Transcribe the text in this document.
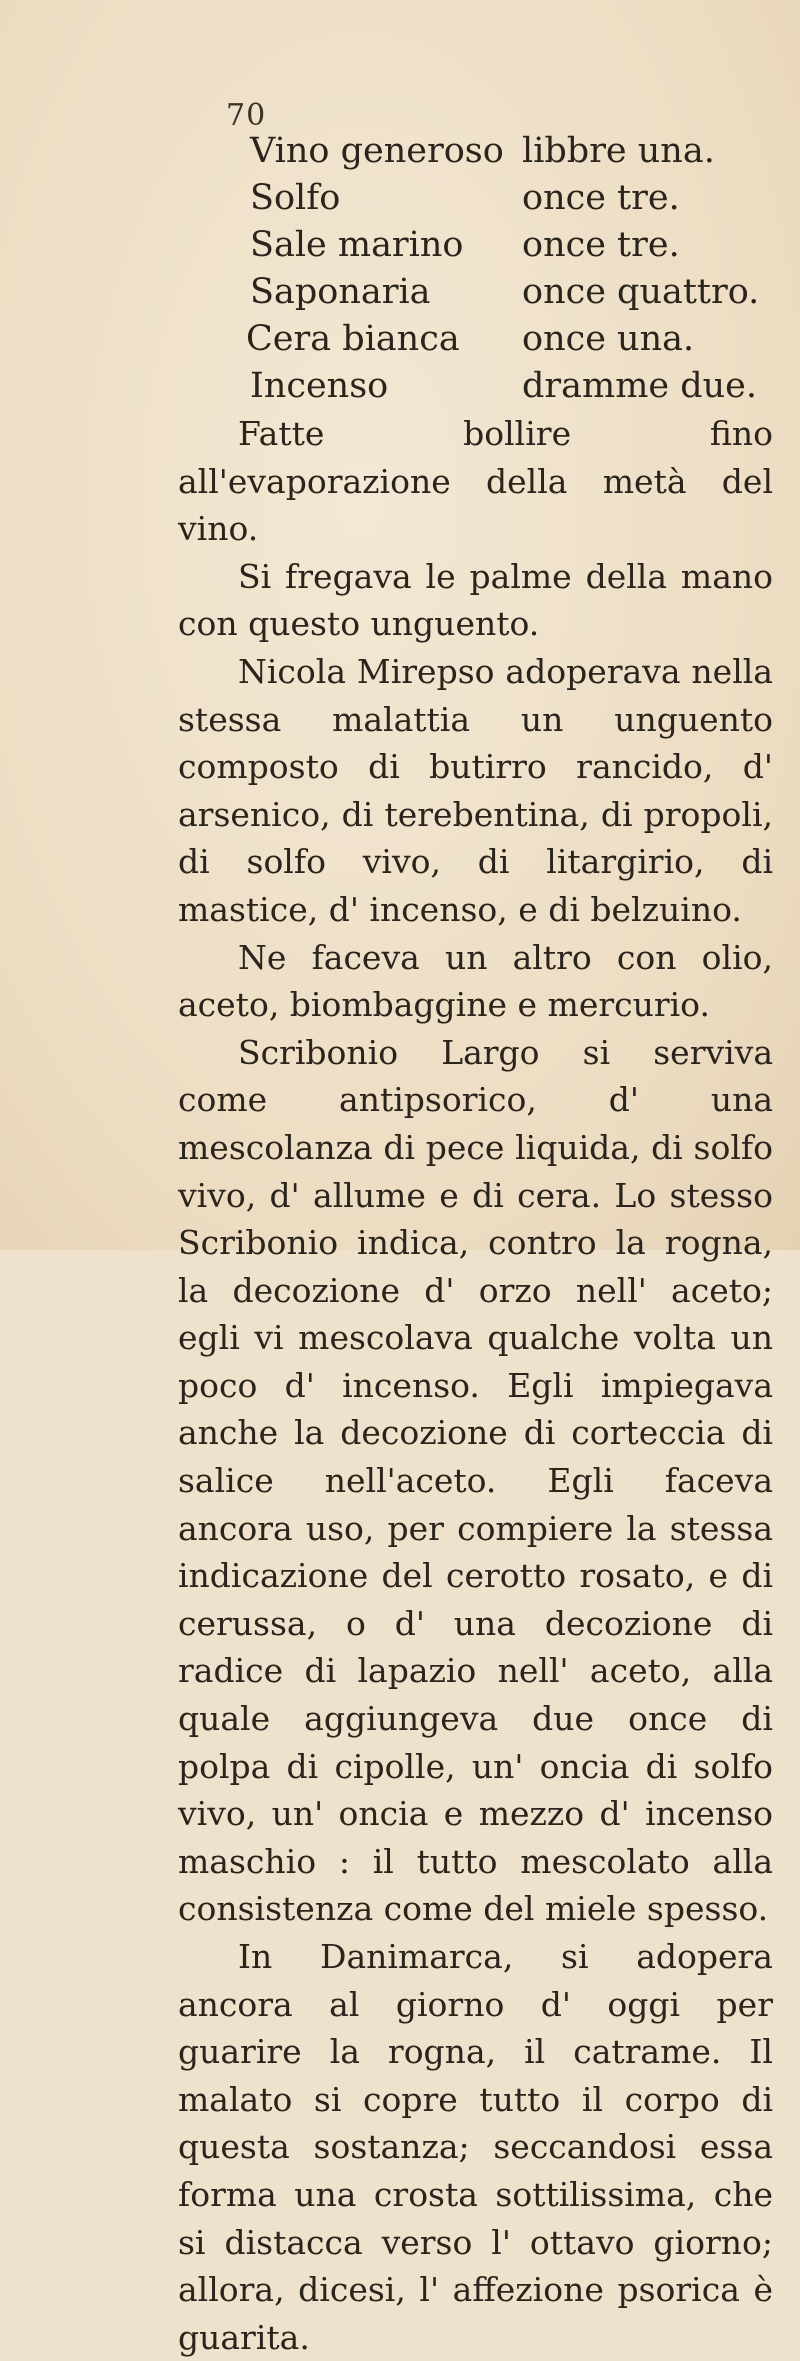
70
Vino generoso libbre una.
Solfo	once tre.
Sale marino once tre.
Saponaria	once quattro.
Cera bianca once una.
Incenso	dramme due.

Fatte bollire fino all'evaporazione della metà del vino.

Si fregava le palme della mano con questo unguento.

Nicola Mirepso adoperava nella stessa malattia un unguento composto di butirro rancido, d' arsenico, di terebentina, di propoli, di solfo vivo, di litargirio, di mastice, d' incenso, e di belzuino.

Ne faceva un altro con olio, aceto, biombaggine e mercurio.

Scribonio Largo si serviva come antipsorico, d' una mescolanza di pece liquida, di solfo vivo, d' allume e di cera. Lo stesso Scribonio indica, contro la rogna, la decozione d' orzo nell' aceto; egli vi mescolava qualche volta un poco d' incenso. Egli impiegava anche la decozione di corteccia di salice nell'aceto. Egli faceva ancora uso, per compiere la stessa indicazione del cerotto rosato, e di cerussa, o d' una decozione di radice di lapazio nell' aceto, alla quale aggiungeva due once di polpa di cipolle, un' oncia di solfo vivo, un' oncia e mezzo d' incenso maschio : il tutto mescolato alla consistenza come del miele spesso.

In Danimarca, si adopera ancora al giorno d' oggi per guarire la rogna, il catrame. Il malato si copre tutto il corpo di questa sostanza; seccandosi essa forma una crosta sottilissima, che si distacca verso l' ottavo giorno; allora, dicesi, l' affezione psorica è guarita.
